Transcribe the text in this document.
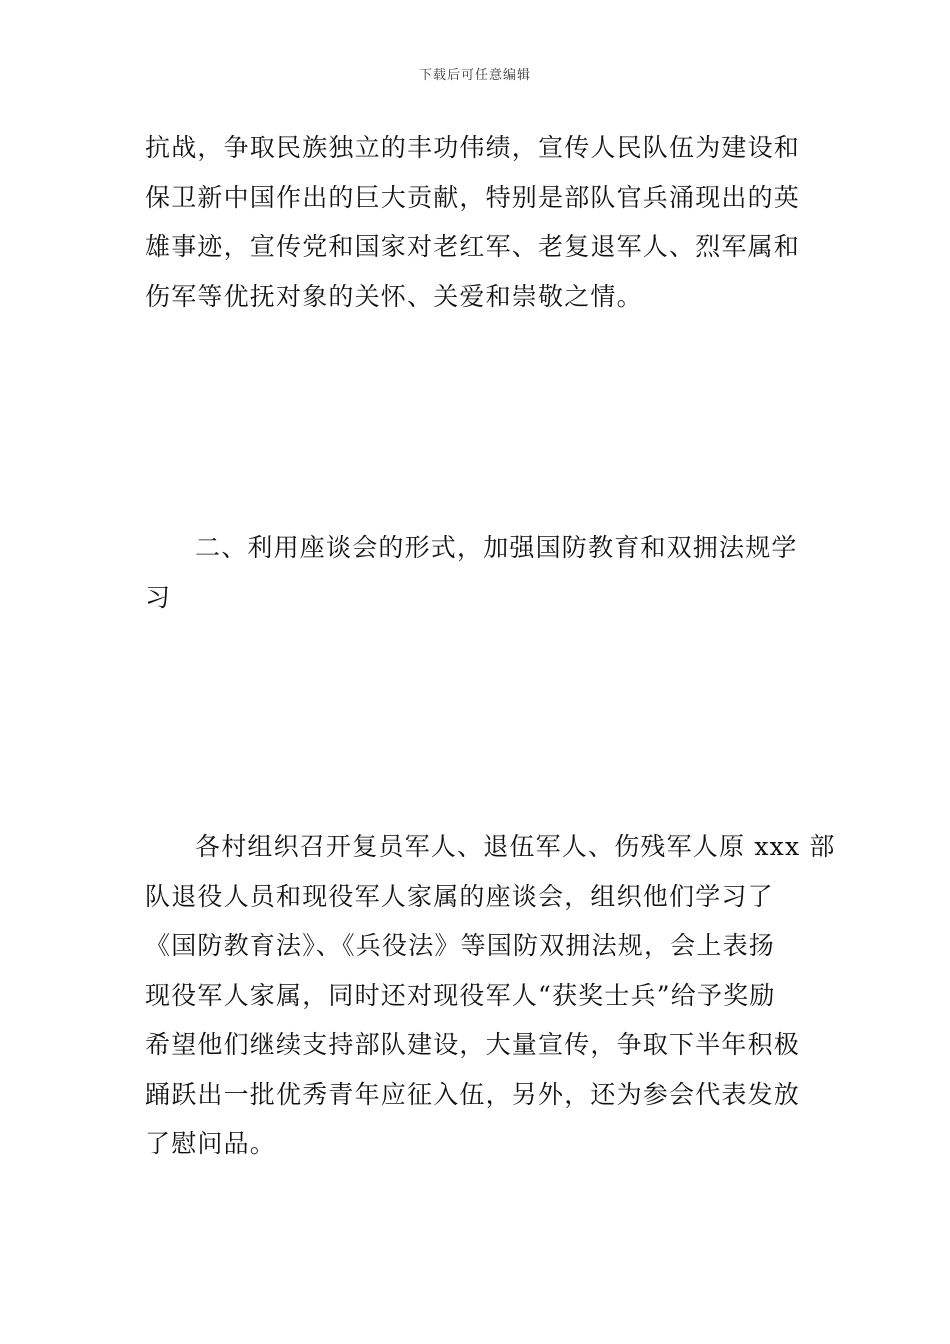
下载后可任意编辑
抗战，争取民族独立的丰功伟绩，宣传人民队伍为建设和
保卫新中国作出的巨大贡献，特别是部队官兵涌现出的英
雄事迹，宣传党和国家对老红军、老复退军人、烈军属和
伤军等优抚对象的关怀、关爱和崇敬之情。
二、利用座谈会的形式，加强国防教育和双拥法规学
习
各村组织召开复员军人、退伍军人、伤残军人原 xxx 部
队退役人员和现役军人家属的座谈会，组织他们学习了
《国防教育法》、《兵役法》等国防双拥法规，会上表扬
现役军人家属，同时还对现役军人“获奖士兵”给予奖励
希望他们继续支持部队建设，大量宣传，争取下半年积极
踊跃出一批优秀青年应征入伍，另外，还为参会代表发放
了慰问品。
